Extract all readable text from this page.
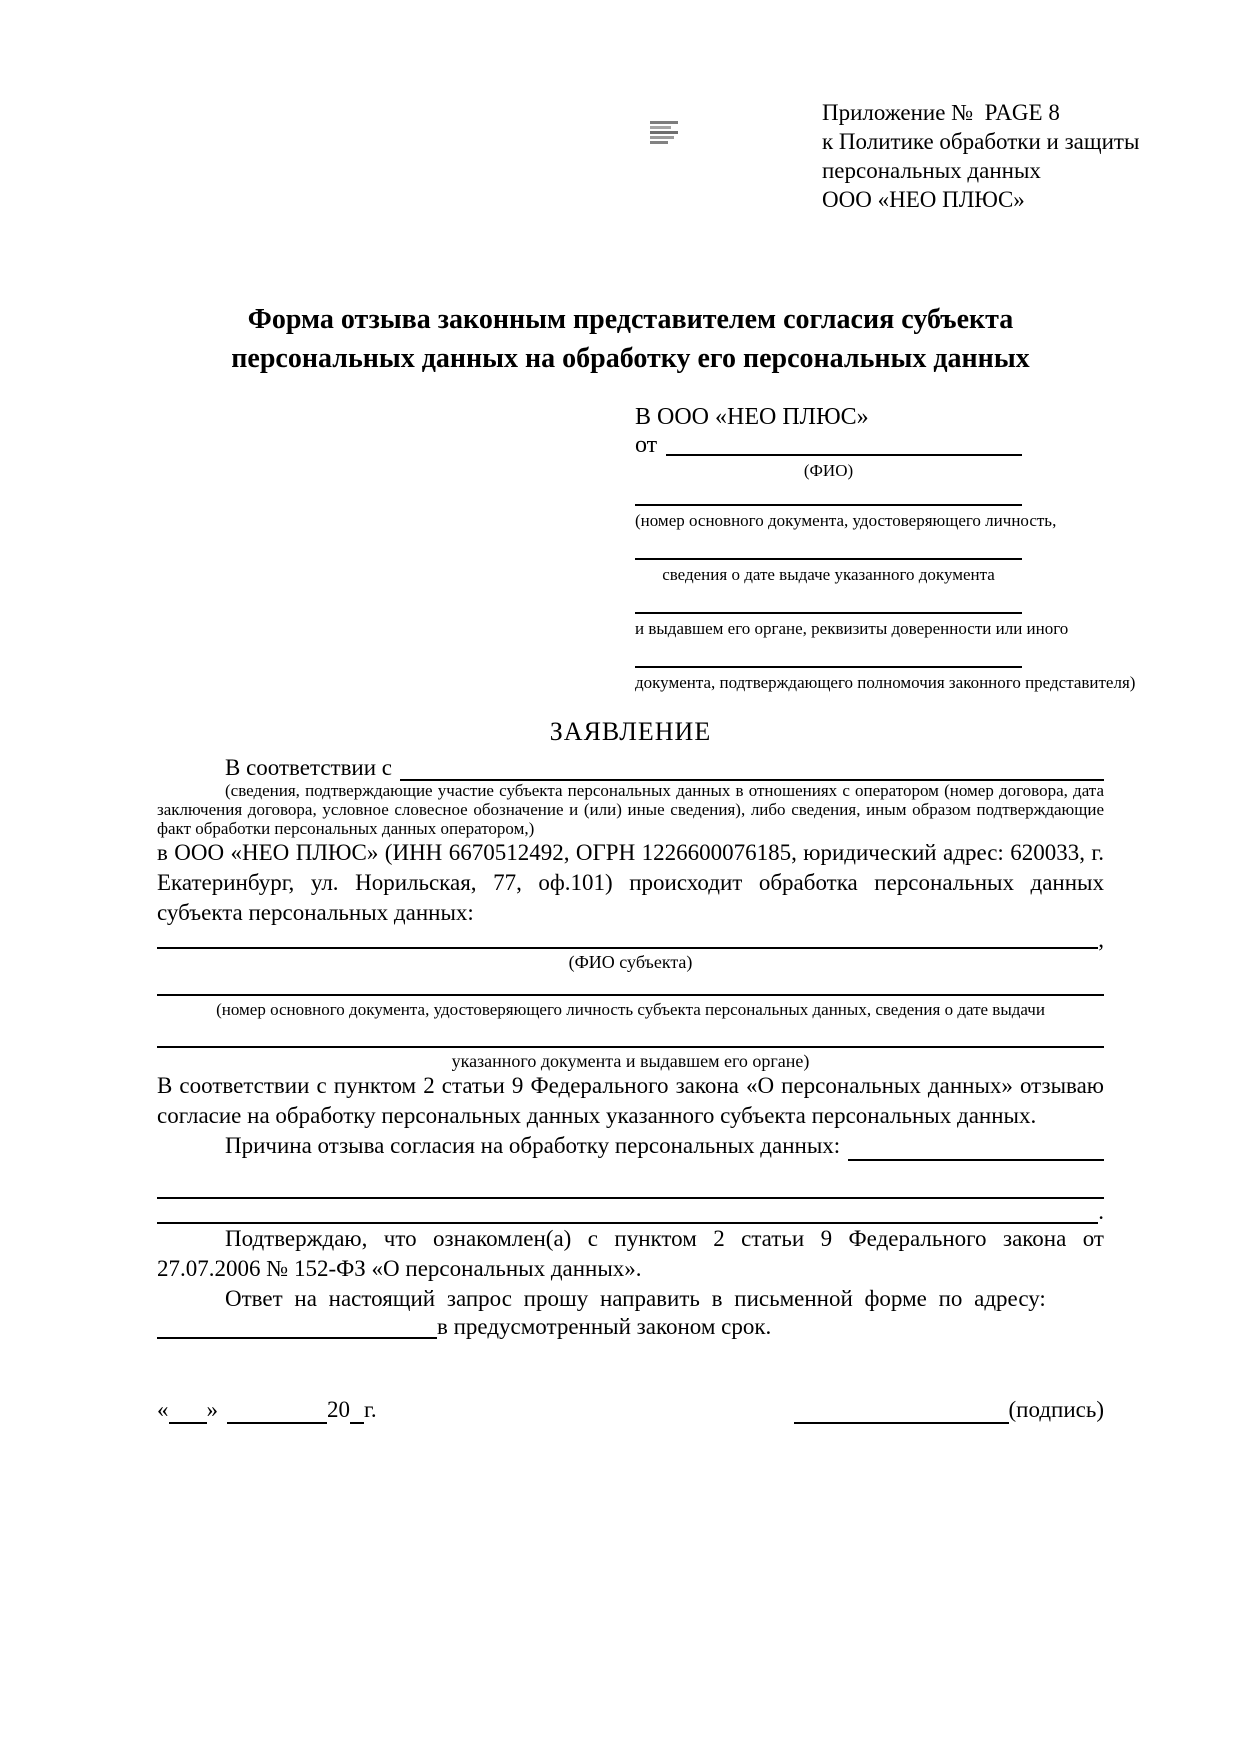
Приложение №  PAGE 8
к Политике обработки и защиты
персональных данных
ООО «НЕО ПЛЮС»
Форма отзыва законным представителем согласия субъекта
персональных данных на обработку его персональных данных
В ООО «НЕО ПЛЮС»
от
(ФИО)
(номер основного документа, удостоверяющего личность,
сведения о дате выдаче указанного документа
и выдавшем его органе, реквизиты доверенности или иного
документа, подтверждающего полномочия законного представителя)
ЗАЯВЛЕНИЕ
В соответствии с
(сведения, подтверждающие участие субъекта персональных данных в отношениях с оператором (номер договора, дата заключения договора, условное словесное обозначение и (или) иные сведения), либо сведения, иным образом подтверждающие факт обработки персональных данных оператором,)

в ООО «НЕО ПЛЮС» (ИНН 6670512492, ОГРН 1226600076185, юридический адрес: 620033, г. Екатеринбург, ул. Норильская, 77, оф.101) происходит обработка персональных данных субъекта персональных данных:

,
(ФИО субъекта)
(номер основного документа, удостоверяющего личность субъекта персональных данных, сведения о дате выдачи
указанного документа и выдавшем его органе)

В соответствии с пунктом 2 статьи 9 Федерального закона «О персональных данных» отзываю согласие на обработку персональных данных указанного субъекта персональных данных.

Причина отзыва согласия на обработку персональных данных:
.

Подтверждаю, что ознакомлен(а) с пунктом 2 статьи 9 Федерального закона от 27.07.2006 № 152-ФЗ «О персональных данных».

Ответ на настоящий запрос прошу направить в письменной форме по адресу:

в предусмотренный законом срок.
« »	20 г.	(подпись)
